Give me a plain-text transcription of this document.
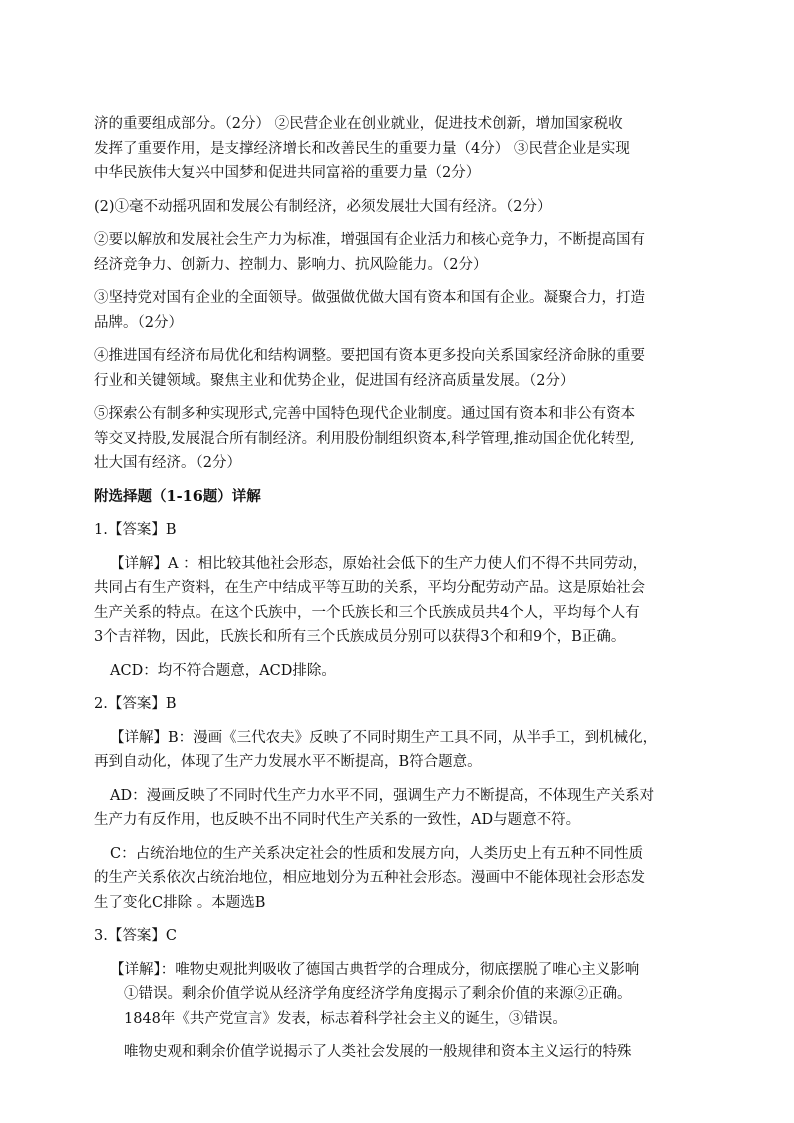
济的重要组成部分。（2分） ②民营企业在创业就业，促进技术创新，增加国家税收
发挥了重要作用，是支撑经济增长和改善民生的重要力量（4分） ③民营企业是实现
中华民族伟大复兴中国梦和促进共同富裕的重要力量（2分）
(2)①毫不动摇巩固和发展公有制经济，必须发展壮大国有经济。（2分）
②要以解放和发展社会生产力为标准，增强国有企业活力和核心竞争力，不断提高国有
经济竞争力、创新力、控制力、影响力、抗风险能力。（2分）
③坚持党对国有企业的全面领导。做强做优做大国有资本和国有企业。凝聚合力，打造
品牌。（2分）
④推进国有经济布局优化和结构调整。要把国有资本更多投向关系国家经济命脉的重要
行业和关键领域。聚焦主业和优势企业，促进国有经济高质量发展。（2分）
⑤探索公有制多种实现形式,完善中国特色现代企业制度。通过国有资本和非公有资本
等交叉持股,发展混合所有制经济。利用股份制组织资本,科学管理,推动国企优化转型,
壮大国有经济。（2分）
附选择题（1-16题）详解
1.【答案】B
【详解】A ：相比较其他社会形态，原始社会低下的生产力使人们不得不共同劳动，
共同占有生产资料，在生产中结成平等互助的关系，平均分配劳动产品。这是原始社会
生产关系的特点。在这个氏族中，一个氏族长和三个氏族成员共4个人，平均每个人有
3个吉祥物，因此，氏族长和所有三个氏族成员分别可以获得3个和和9个，B正确。
ACD：均不符合题意，ACD排除。
2.【答案】B
【详解】B：漫画《三代农夫》反映了不同时期生产工具不同，从半手工，到机械化，
再到自动化，体现了生产力发展水平不断提高，B符合题意。
AD：漫画反映了不同时代生产力水平不同，强调生产力不断提高，不体现生产关系对
生产力有反作用，也反映不出不同时代生产关系的一致性，AD与题意不符。
C：占统治地位的生产关系决定社会的性质和发展方向，人类历史上有五种不同性质
的生产关系依次占统治地位，相应地划分为五种社会形态。漫画中不能体现社会形态发
生了变化C排除 。本题选B
3.【答案】C
【详解】：唯物史观批判吸收了德国古典哲学的合理成分，彻底摆脱了唯心主义影响
①错误。剩余价值学说从经济学角度经济学角度揭示了剩余价值的来源②正确。
1848年《共产党宣言》发表，标志着科学社会主义的诞生，③错误。
唯物史观和剩余价值学说揭示了人类社会发展的一般规律和资本主义运行的特殊
